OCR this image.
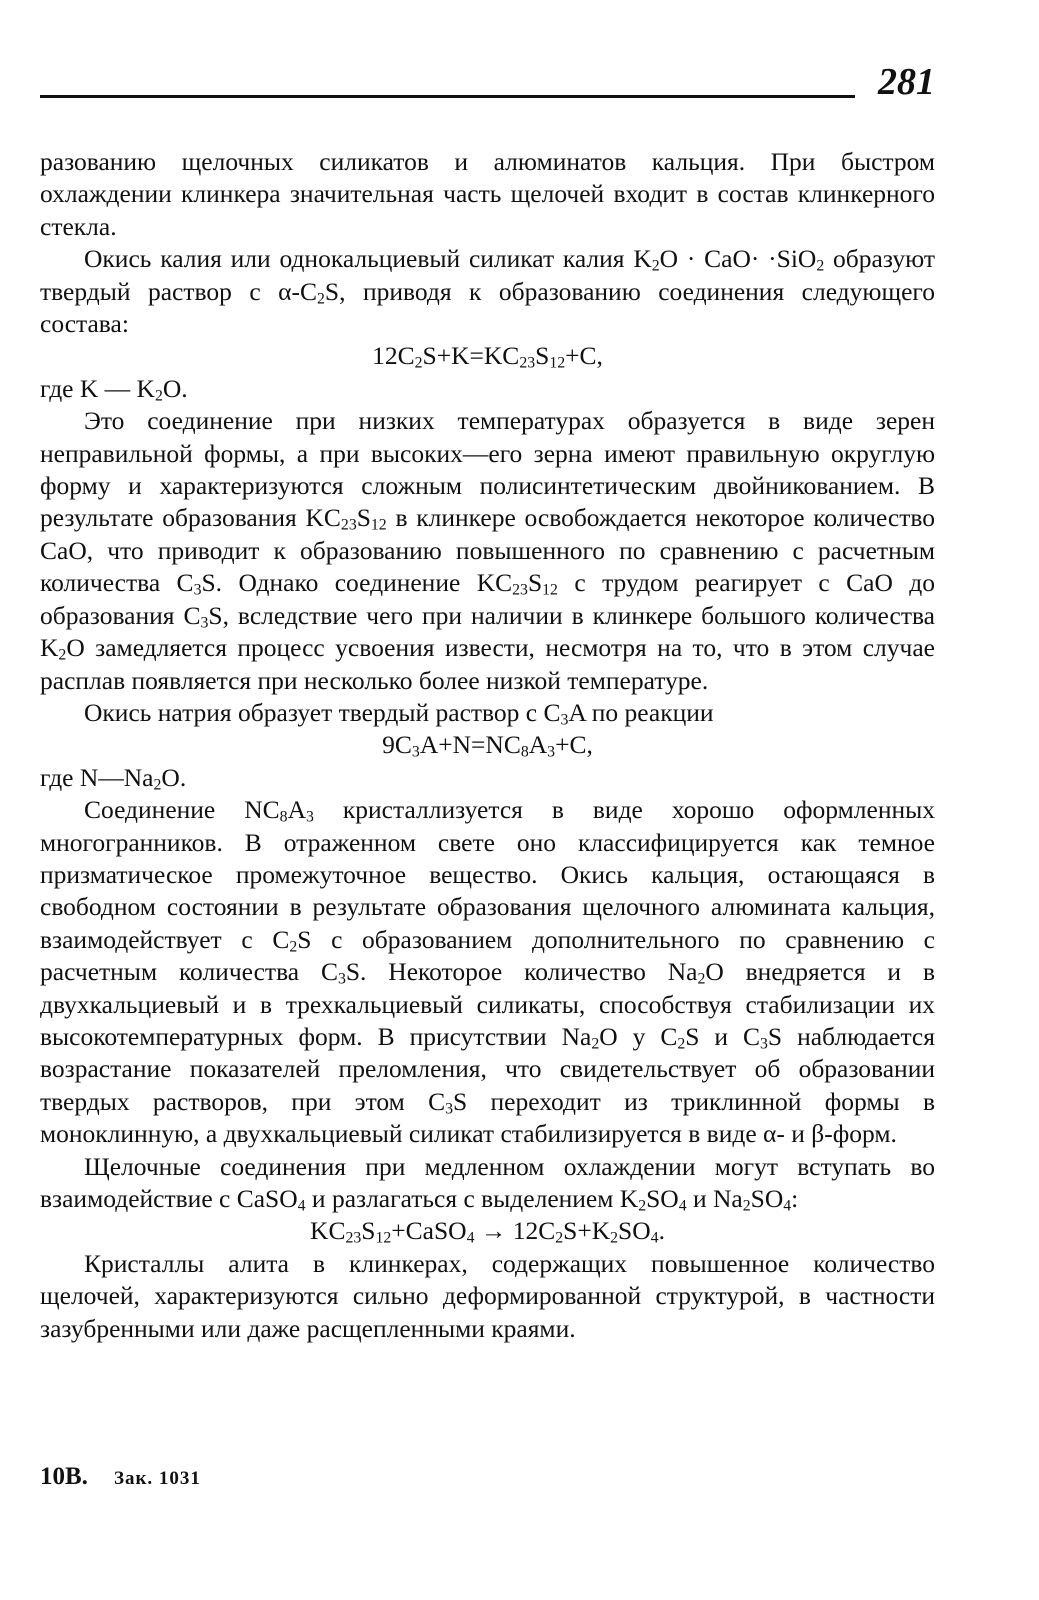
281

разованию щелочных силикатов и алюминатов кальция. При быстром охлаждении клинкера значительная часть щелочей входит в состав клинкерного стекла.

Окись калия или однокальциевый силикат калия $K_2O \cdot CaO\cdot \cdot SiO_2$ образуют твердый раствор с $\alpha-C_2S$, приводя к образованию соединения следующего состава:

$12C_2S+K=KC_{23}S_{12}+C$,

где K — $K_2O$.

Это соединение при низких температурах образуется в виде зерен неправильной формы, а при высоких—его зерна имеют правильную округлую форму и характеризуются сложным полисинтетическим двойникованием. В результате образования $KC_{23}S_{12}$ в клинкере освобождается некоторое количество CaO, что приводит к образованию повышенного по сравнению с расчетным количества $C_3S$. Однако соединение $KC_{23}S_{12}$ с трудом реагирует с CaO до образования $C_3S$, вследствие чего при наличии в клинкере большого количества $K_2O$ замедляется процесс усвоения извести, несмотря на то, что в этом случае расплав появляется при несколько более низкой температуре.

Окись натрия образует твердый раствор с $C_3A$ по реакции

$9C_3A+N=NC_8A_3+C$,

где $N—Na_2O$.

Соединение $NC_8A_3$ кристаллизуется в виде хорошо оформленных многогранников. В отраженном свете оно классифицируется как темное призматическое промежуточное вещество. Окись кальция, остающаяся в свободном состоянии в результате образования щелочного алюмината кальция, взаимодействует с $C_2S$ с образованием дополнительного по сравнению с расчетным количества $C_3S$. Некоторое количество $Na_2O$ внедряется и в двухкальциевый и в трехкальциевый силикаты, способствуя стабилизации их высокотемпературных форм. В присутствии $Na_2O$ у $C_2S$ и $C_3S$ наблюдается возрастание показателей преломления, что свидетельствует об образовании твердых растворов, при этом $C_3S$ переходит из триклинной формы в моноклинную, а двухкальциевый силикат стабилизируется в виде α- и β-форм.

Щелочные соединения при медленном охлаждении могут вступать во взаимодействие с CaSO$_4$ и разлагаться с выделением $K_2SO_4$ и $Na_2SO_4$:

$KC_{23}S_{12}+CaSO_4 \to 12C_2S+K_2SO_4$.

Кристаллы алита в клинкерах, содержащих повышенное количество щелочей, характеризуются сильно деформированной структурой, в частности зазубренными или даже расщепленными краями.

10B. Зак. 1031
